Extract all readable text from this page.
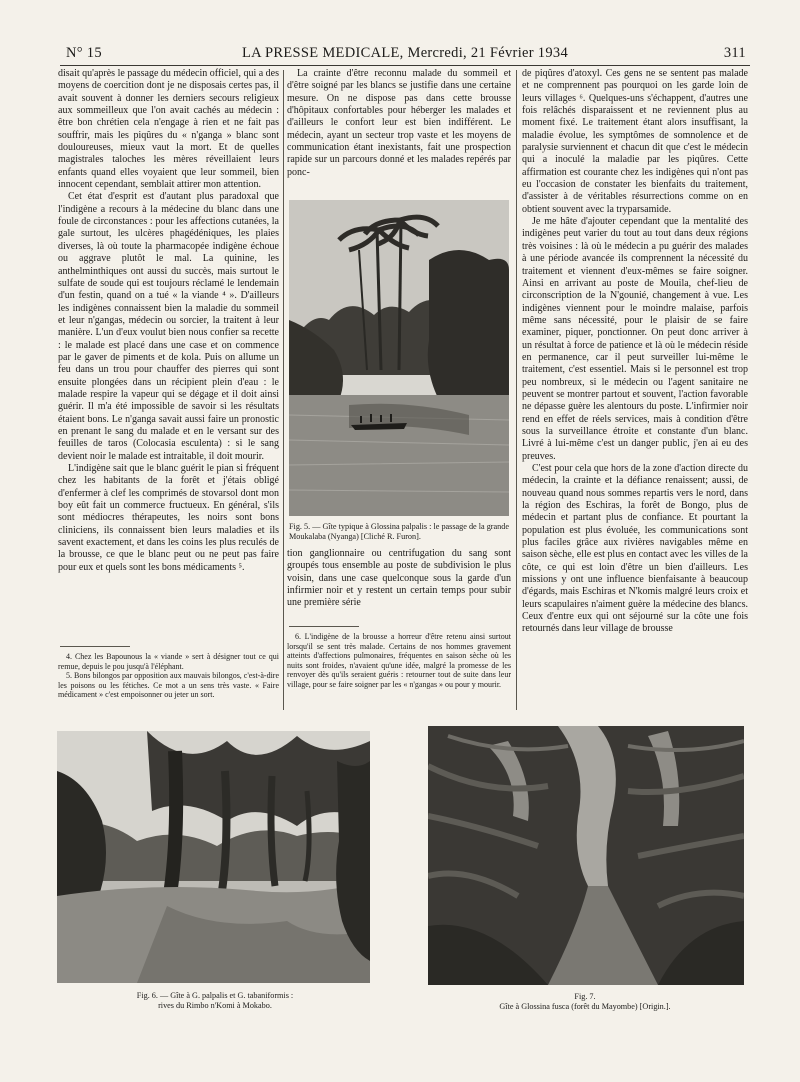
N° 15	LA PRESSE MEDICALE, Mercredi, 21 Février 1934	311

disait qu'après le passage du médecin officiel, qui a des moyens de coercition dont je ne disposais certes pas, il avait souvent à donner les derniers secours religieux aux sommeilleux que l'on avait cachés au médecin : être bon chrétien cela n'engage à rien et ne fait pas souffrir, mais les piqûres du « n'ganga » blanc sont douloureuses, mieux vaut la mort. Et de quelles magistrales taloches les mères réveillaient leurs enfants quand elles voyaient que leur sommeil, bien innocent cependant, semblait attirer mon attention.

Cet état d'esprit est d'autant plus paradoxal que l'indigène a recours à la médecine du blanc dans une foule de circonstances : pour les affections cutanées, la gale surtout, les ulcères phagédéniques, les plaies diverses, là où toute la pharmacopée indigène échoue ou aggrave plutôt le mal. La quinine, les anthelminthiques ont aussi du succès, mais surtout le sulfate de soude qui est toujours réclamé le lendemain d'un festin, quand on a tué « la viande ⁴ ». D'ailleurs les indigènes connaissent bien la maladie du sommeil et leur n'gangas, médecin ou sorcier, la traitent à leur manière. L'un d'eux voulut bien nous confier sa recette : le malade est placé dans une case et on commence par le gaver de piments et de kola. Puis on allume un feu dans un trou pour chauffer des pierres qui sont ensuite plongées dans un récipient plein d'eau : le malade respire la vapeur qui se dégage et il doit ainsi guérir. Il m'a été impossible de savoir si les résultats étaient bons. Le n'ganga savait aussi faire un pronostic en prenant le sang du malade et en le versant sur des feuilles de taros (Colocasia esculenta) : si le sang devient noir le malade est intraitable, il doit mourir.

L'indigène sait que le blanc guérit le pian si fréquent chez les habitants de la forêt et j'étais obligé d'enfermer à clef les comprimés de stovarsol dont mon boy eût fait un commerce fructueux. En général, s'ils sont médiocres thérapeutes, les noirs sont bons cliniciens, ils connaissent bien leurs maladies et ils savent exactement, et dans les coins les plus reculés de la brousse, ce que le blanc peut ou ne peut pas faire pour eux et quels sont les bons médicaments ⁵.

4. Chez les Bapounous la « viande » sert à désigner tout ce qui remue, depuis le pou jusqu'à l'éléphant.

5. Bons bilongos par opposition aux mauvais bilongos, c'est-à-dire les poisons ou les fétiches. Ce mot a un sens très vaste. « Faire médicament » c'est empoisonner ou jeter un sort.

La crainte d'être reconnu malade du sommeil et d'être soigné par les blancs se justifie dans une certaine mesure. On ne dispose pas dans cette brousse d'hôpitaux confortables pour héberger les malades et d'ailleurs le confort leur est bien indifférent. Le médecin, ayant un secteur trop vaste et les moyens de communication étant inexistants, fait une prospection rapide sur un parcours donné et les malades repérés par ponc-

Fig. 5. — Gîte typique à Glossina palpalis : le passage de la grande Moukalaba (Nyanga) [Cliché R. Furon].

tion ganglionnaire ou centrifugation du sang sont groupés tous ensemble au poste de subdivision le plus voisin, dans une case quelconque sous la garde d'un infirmier noir et y restent un certain temps pour subir une première série

6. L'indigène de la brousse a horreur d'être retenu ainsi surtout lorsqu'il se sent très malade. Certains de nos hommes gravement atteints d'affections pulmonaires, fréquentes en saison sèche où les nuits sont froides, n'avaient qu'une idée, malgré la promesse de les renvoyer dès qu'ils seraient guéris : retourner tout de suite dans leur village, pour se faire soigner par les « n'gangas » ou pour y mourir.

de piqûres d'atoxyl. Ces gens ne se sentent pas malade et ne comprennent pas pourquoi on les garde loin de leurs villages ⁶. Quelques-uns s'échappent, d'autres une fois relâchés disparaissent et ne reviennent plus au moment fixé. Le traitement étant alors insuffisant, la maladie évolue, les symptômes de somnolence et de paralysie surviennent et chacun dit que c'est le médecin qui a inoculé la maladie par les piqûres. Cette affirmation est courante chez les indigènes qui n'ont pas eu l'occasion de constater les bienfaits du traitement, d'assister à de véritables résurrections comme on en obtient souvent avec la tryparsamide.

Je me hâte d'ajouter cependant que la mentalité des indigènes peut varier du tout au tout dans deux régions très voisines : là où le médecin a pu guérir des malades à une période avancée ils comprennent la nécessité du traitement et viennent d'eux-mêmes se faire soigner. Ainsi en arrivant au poste de Mouila, chef-lieu de circonscription de la N'gounié, changement à vue. Les indigènes viennent pour le moindre malaise, parfois même sans nécessité, pour le plaisir de se faire examiner, piquer, ponctionner. On peut donc arriver à un résultat à force de patience et là où le médecin réside en permanence, car il peut surveiller lui-même le traitement, c'est essentiel. Mais si le personnel est trop peu nombreux, si le médecin ou l'agent sanitaire ne peuvent se montrer partout et souvent, l'action favorable ne dépasse guère les alentours du poste. L'infirmier noir rend en effet de réels services, mais à condition d'être sous la surveillance étroite et constante d'un blanc. Livré à lui-même c'est un danger public, j'en ai eu des preuves.

C'est pour cela que hors de la zone d'action directe du médecin, la crainte et la défiance renaissent; aussi, de nouveau quand nous sommes repartis vers le nord, dans la région des Eschiras, la forêt de Bongo, plus de médecin et partant plus de confiance. Et pourtant la population est plus évoluée, les communications sont plus faciles grâce aux rivières navigables même en saison sèche, elle est plus en contact avec les villes de la côte, ce qui est loin d'être un bien d'ailleurs. Les missions y ont une influence bienfaisante à beaucoup d'égards, mais Eschiras et N'komis malgré leurs croix et leurs scapulaires n'aiment guère la médecine des blancs. Ceux d'entre eux qui ont séjourné sur la côte une fois retournés dans leur village de brousse

Fig. 6. — Gîte à G. palpalis et G. tabaniformis :
rives du Rimbo n'Komi à Mokabo.
Fig. 7.
Gîte à Glossina fusca (forêt du Mayombe) [Origin.].
